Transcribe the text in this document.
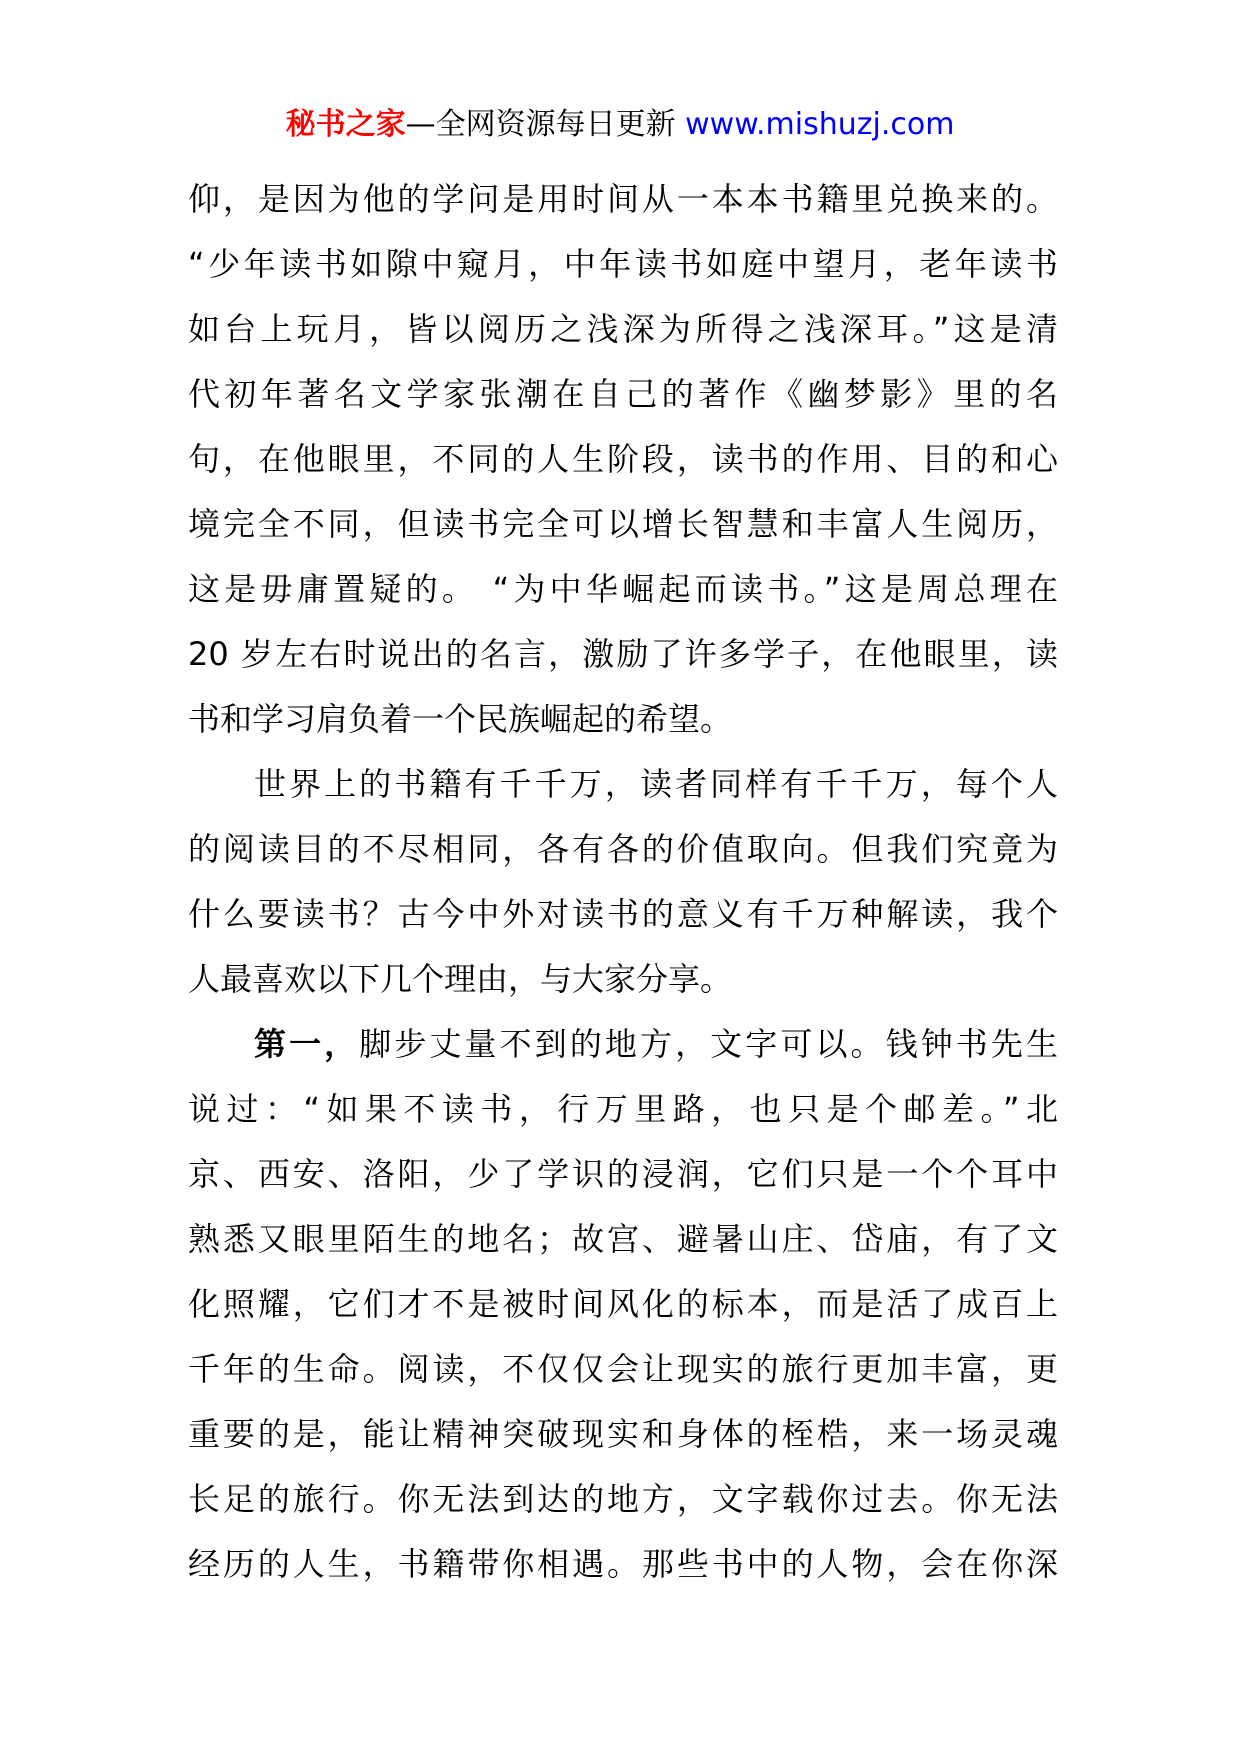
秘书之家—全网资源每日更新 www.mishuzj.com
仰，是因为他的学问是用时间从一本本书籍里兑换来的。
“少年读书如隙中窥月，中年读书如庭中望月，老年读书
如台上玩月，皆以阅历之浅深为所得之浅深耳。”这是清
代初年著名文学家张潮在自己的著作《幽梦影》里的名
句，在他眼里，不同的人生阶段，读书的作用、目的和心
境完全不同，但读书完全可以增长智慧和丰富人生阅历，
这是毋庸置疑的。 “为中华崛起而读书。”这是周总理在
20 岁左右时说出的名言，激励了许多学子，在他眼里，读
书和学习肩负着一个民族崛起的希望。
世界上的书籍有千千万，读者同样有千千万，每个人
的阅读目的不尽相同，各有各的价值取向。但我们究竟为
什么要读书？古今中外对读书的意义有千万种解读，我个
人最喜欢以下几个理由，与大家分享。
第一，脚步丈量不到的地方，文字可以。钱钟书先生
说过：“如果不读书，行万里路，也只是个邮差。”北
京、西安、洛阳，少了学识的浸润，它们只是一个个耳中
熟悉又眼里陌生的地名；故宫、避暑山庄、岱庙，有了文
化照耀，它们才不是被时间风化的标本，而是活了成百上
千年的生命。阅读，不仅仅会让现实的旅行更加丰富，更
重要的是，能让精神突破现实和身体的桎梏，来一场灵魂
长足的旅行。你无法到达的地方，文字载你过去。你无法
经历的人生，书籍带你相遇。那些书中的人物，会在你深
